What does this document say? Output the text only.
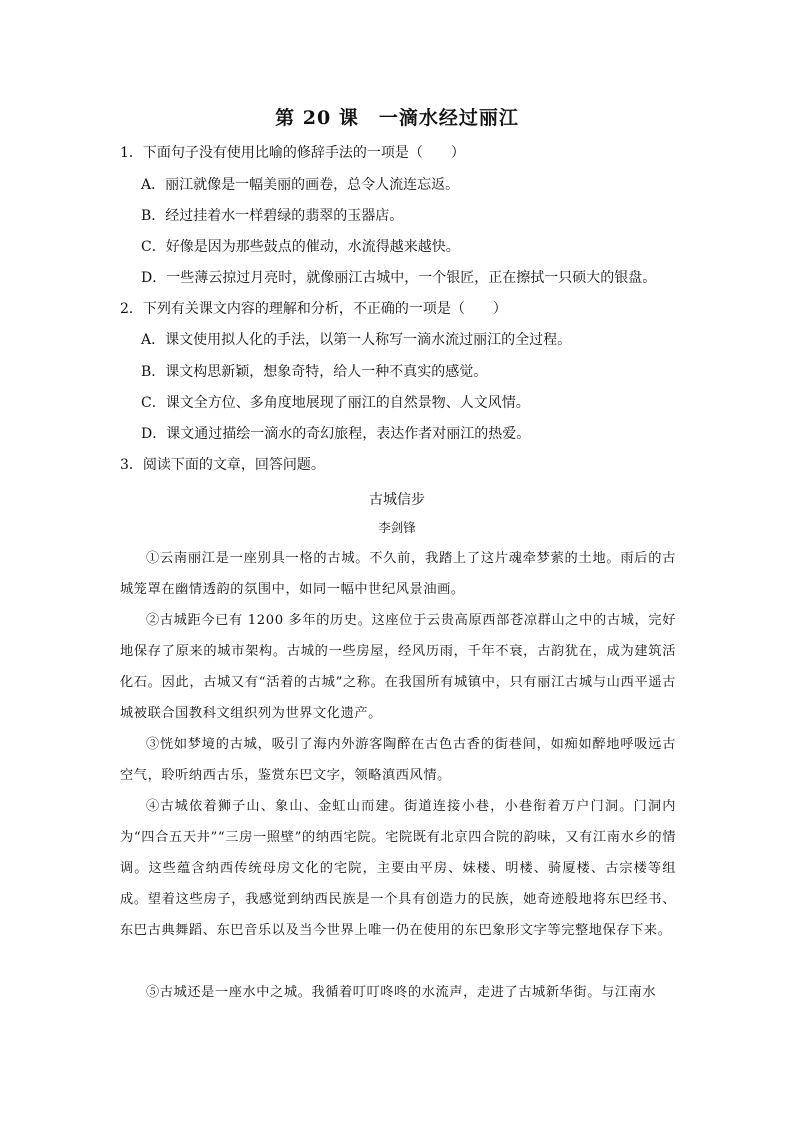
第 20 课　一滴水经过丽江
1．下面句子没有使用比喻的修辞手法的一项是（　　）
A．丽江就像是一幅美丽的画卷，总令人流连忘返。
B．经过挂着水一样碧绿的翡翠的玉器店。
C．好像是因为那些鼓点的催动，水流得越来越快。
D．一些薄云掠过月亮时，就像丽江古城中，一个银匠，正在擦拭一只硕大的银盘。
2．下列有关课文内容的理解和分析，不正确的一项是（　　）
A．课文使用拟人化的手法，以第一人称写一滴水流过丽江的全过程。
B．课文构思新颖，想象奇特，给人一种不真实的感觉。
C．课文全方位、多角度地展现了丽江的自然景物、人文风情。
D．课文通过描绘一滴水的奇幻旅程，表达作者对丽江的热爱。
3．阅读下面的文章，回答问题。
古城信步
李剑锋
①云南丽江是一座别具一格的古城。不久前，我踏上了这片魂牵梦萦的土地。雨后的古城笼罩在幽情透韵的氛围中，如同一幅中世纪风景油画。
②古城距今已有 1200 多年的历史。这座位于云贵高原西部苍凉群山之中的古城，完好地保存了原来的城市架构。古城的一些房屋，经风历雨，千年不衰，古韵犹在，成为建筑活化石。因此，古城又有“活着的古城”之称。在我国所有城镇中，只有丽江古城与山西平遥古城被联合国教科文组织列为世界文化遗产。
③恍如梦境的古城，吸引了海内外游客陶醉在古色古香的街巷间，如痴如醉地呼吸远古空气，聆听纳西古乐，鉴赏东巴文字，领略滇西风情。
④古城依着狮子山、象山、金虹山而建。街道连接小巷，小巷衔着万户门洞。门洞内为“四合五天井”“三房一照壁”的纳西宅院。宅院既有北京四合院的韵味，又有江南水乡的情调。这些蕴含纳西传统母房文化的宅院，主要由平房、妹楼、明楼、骑厦楼、古宗楼等组成。望着这些房子，我感觉到纳西民族是一个具有创造力的民族，她奇迹般地将东巴经书、东巴古典舞蹈、东巴音乐以及当今世界上唯一仍在使用的东巴象形文字等完整地保存下来。
⑤古城还是一座水中之城。我循着叮叮咚咚的水流声，走进了古城新华街。与江南水
